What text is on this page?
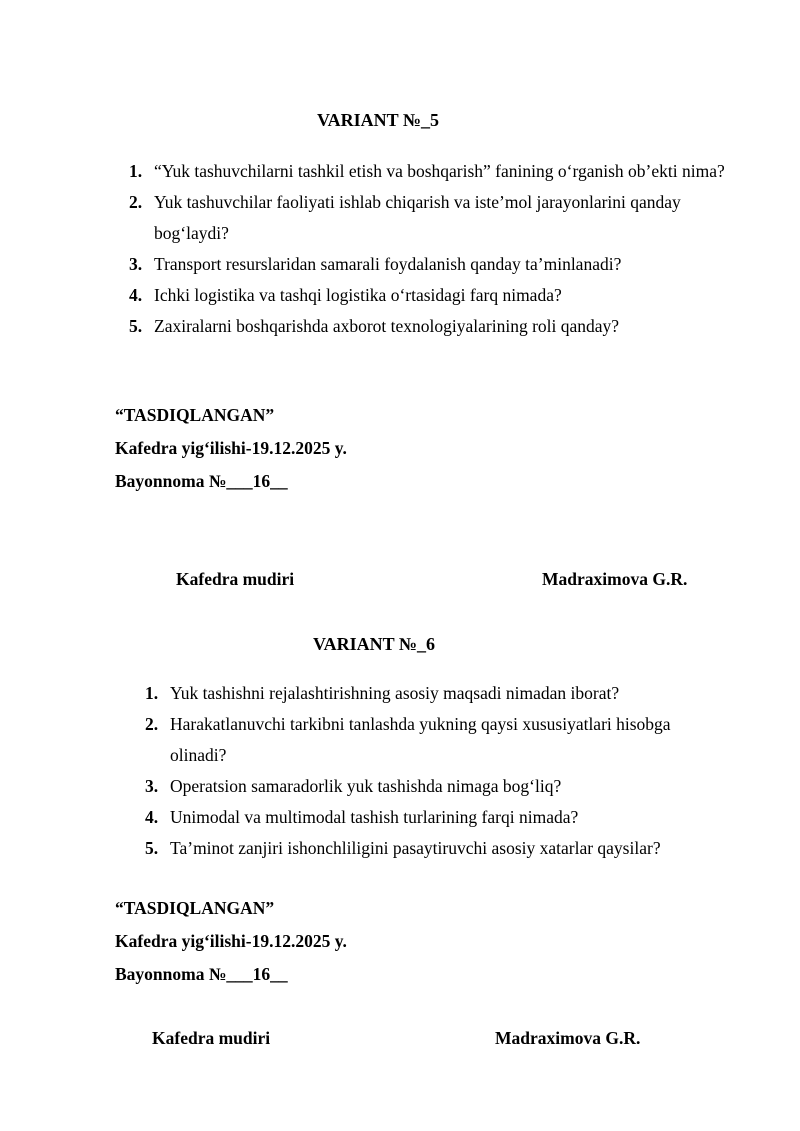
VARIANT №_5
1. “Yuk tashuvchilarni tashkil etish va boshqarish” fanining o‘rganish ob’ekti nima?
2. Yuk tashuvchilar faoliyati ishlab chiqarish va iste’mol jarayonlarini qanday bog‘laydi?
3. Transport resurslaridan samarali foydalanish qanday ta’minlanadi?
4. Ichki logistika va tashqi logistika o‘rtasidagi farq nimada?
5. Zaxiralarni boshqarishda axborot texnologiyalarining roli qanday?
“TASDIQLANGAN”
Kafedra yig‘ilishi-19.12.2025 y.
Bayonnoma №___16__
Kafedra mudiri	Madraximova G.R.
VARIANT №_6
1. Yuk tashishni rejalashtirishning asosiy maqsadi nimadan iborat?
2. Harakatlanuvchi tarkibni tanlashda yukning qaysi xususiyatlari hisobga olinadi?
3. Operatsion samaradorlik yuk tashishda nimaga bog‘liq?
4. Unimodal va multimodal tashish turlarining farqi nimada?
5. Ta’minot zanjiri ishonchliligini pasaytiruvchi asosiy xatarlar qaysilar?
“TASDIQLANGAN”
Kafedra yig‘ilishi-19.12.2025 y.
Bayonnoma №___16__
Kafedra mudiri	Madraximova G.R.
